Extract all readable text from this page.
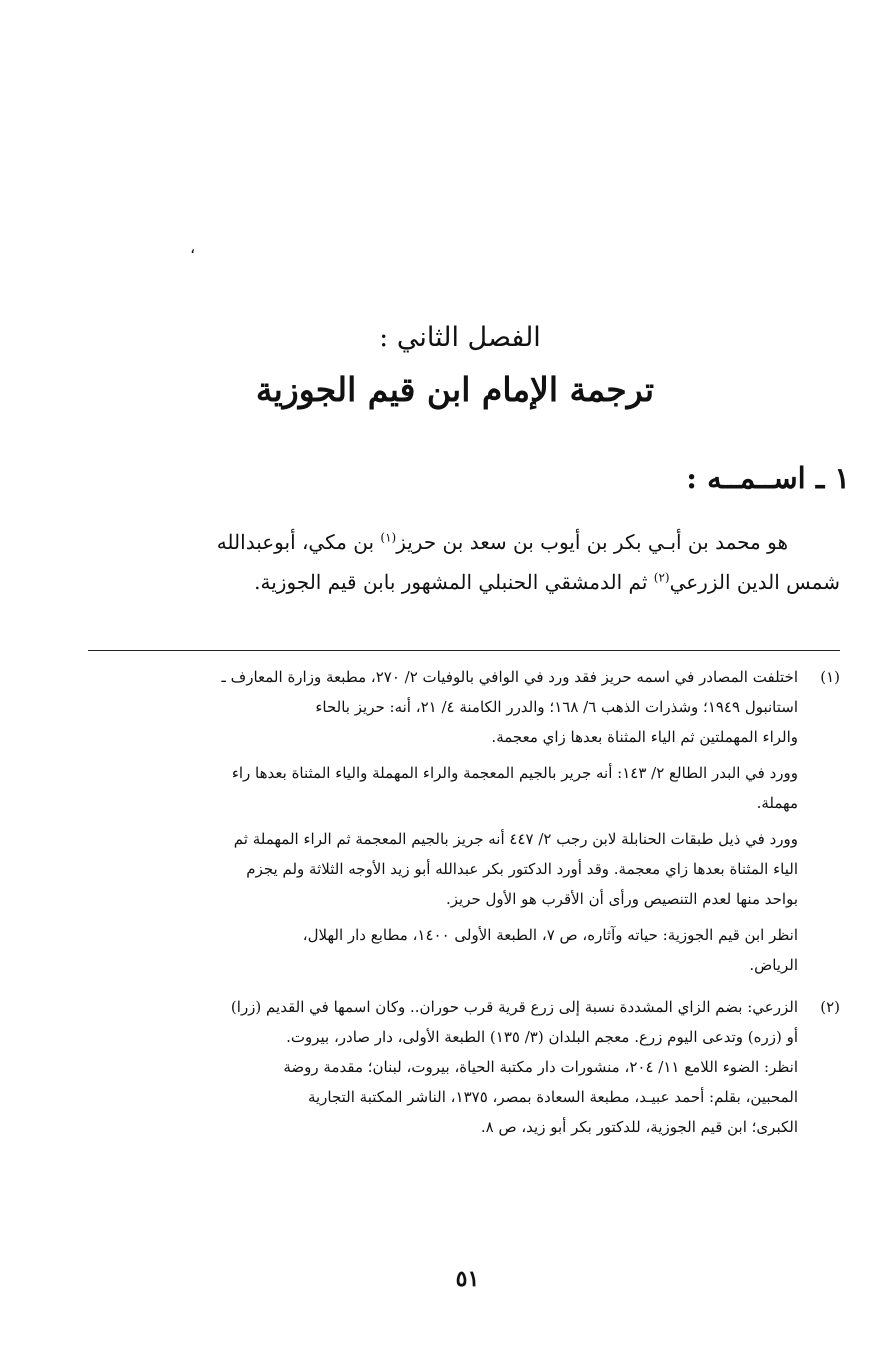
،
الفصل الثاني :
ترجمة الإمام ابن قيم الجوزية
١ ـ اســمــه :
هو محمد بن أبـي بكر بن أيوب بن سعد بن حريز$^{(١)}$ بن مكي، أبوعبدالله
شمس الدين الزرعي$^{(٢)}$ ثم الدمشقي الحنبلي المشهور بابن قيم الجوزية.
(١)

اختلفت المصادر في اسمه حريز فقد ورد في الوافي بالوفيات ٢/ ٢٧٠، مطبعة وزارة المعارف ـ
استانبول ١٩٤٩؛ وشذرات الذهب ٦/ ١٦٨؛ والدرر الكامنة ٤/ ٢١، أنه: حريز بالحاء
والراء المهملتين ثم الياء المثناة بعدها زاي معجمة.

وورد في البدر الطالع ٢/ ١٤٣: أنه جرير بالجيم المعجمة والراء المهملة والياء المثناة بعدها راء
مهملة.

وورد في ذيل طبقات الحنابلة لابن رجب ٢/ ٤٤٧ أنه جريز بالجيم المعجمة ثم الراء المهملة ثم
الياء المثناة بعدها زاي معجمة. وقد أورد الدكتور بكر عبدالله أبو زيد الأوجه الثلاثة ولم يجزم
بواحد منها لعدم التنصيص ورأى أن الأقرب هو الأول حريز.

انظر ابن قيم الجوزية: حياته وآثاره، ص ٧، الطبعة الأولى ١٤٠٠، مطابع دار الهلال،
الرياض.

(٢)

الزرعي: بضم الزاي المشددة نسبة إلى زرع قرية قرب حوران.. وكان اسمها في القديم (زرا)
أو (زره) وتدعى اليوم زرع. معجم البلدان (٣/ ١٣٥) الطبعة الأولى، دار صادر، بيروت.
انظر: الضوء اللامع ١١/ ٢٠٤، منشورات دار مكتبة الحياة، بيروت، لبنان؛ مقدمة روضة
المحبين، بقلم: أحمد عبيـد، مطبعة السعادة بمصر، ١٣٧٥، الناشر المكتبة التجارية
الكبرى؛ ابن قيم الجوزية، للدكتور بكر أبو زيد، ص ٨.

٥١
